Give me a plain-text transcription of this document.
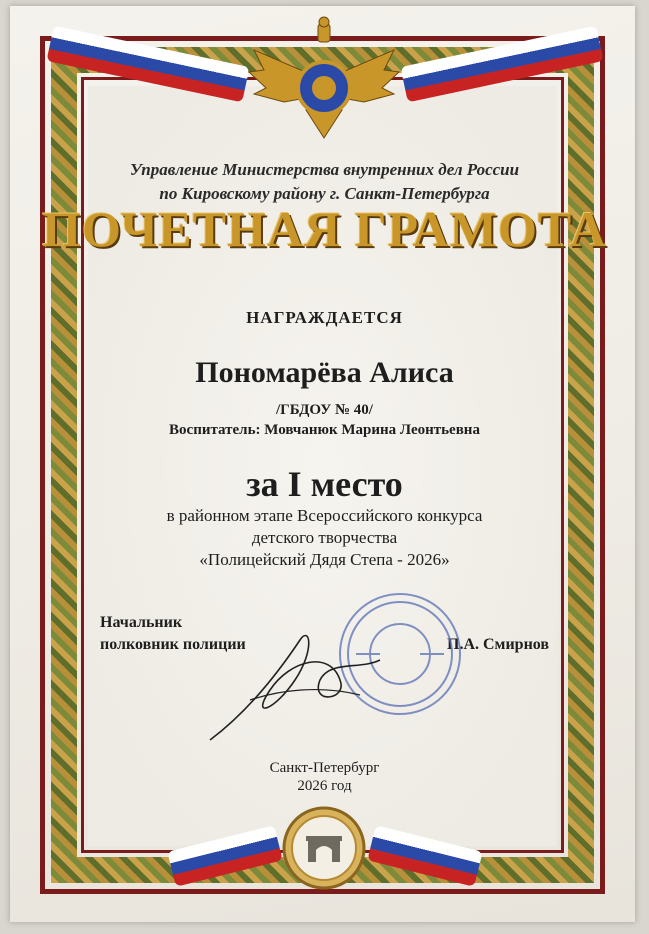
Управление Министерства внутренних дел России
по Кировскому району г. Санкт-Петербурга
ПОЧЕТНАЯ ГРАМОТА
НАГРАЖДАЕТСЯ
Пономарёва Алиса
/ГБДОУ № 40/
Воспитатель: Мовчанюк Марина Леонтьевна
за I место
в районном этапе Всероссийского конкурса
детского творчества
«Полицейский Дядя Степа - 2026»
Начальник
полковник полиции	П.А. Смирнов
Санкт-Петербург
2026 год
